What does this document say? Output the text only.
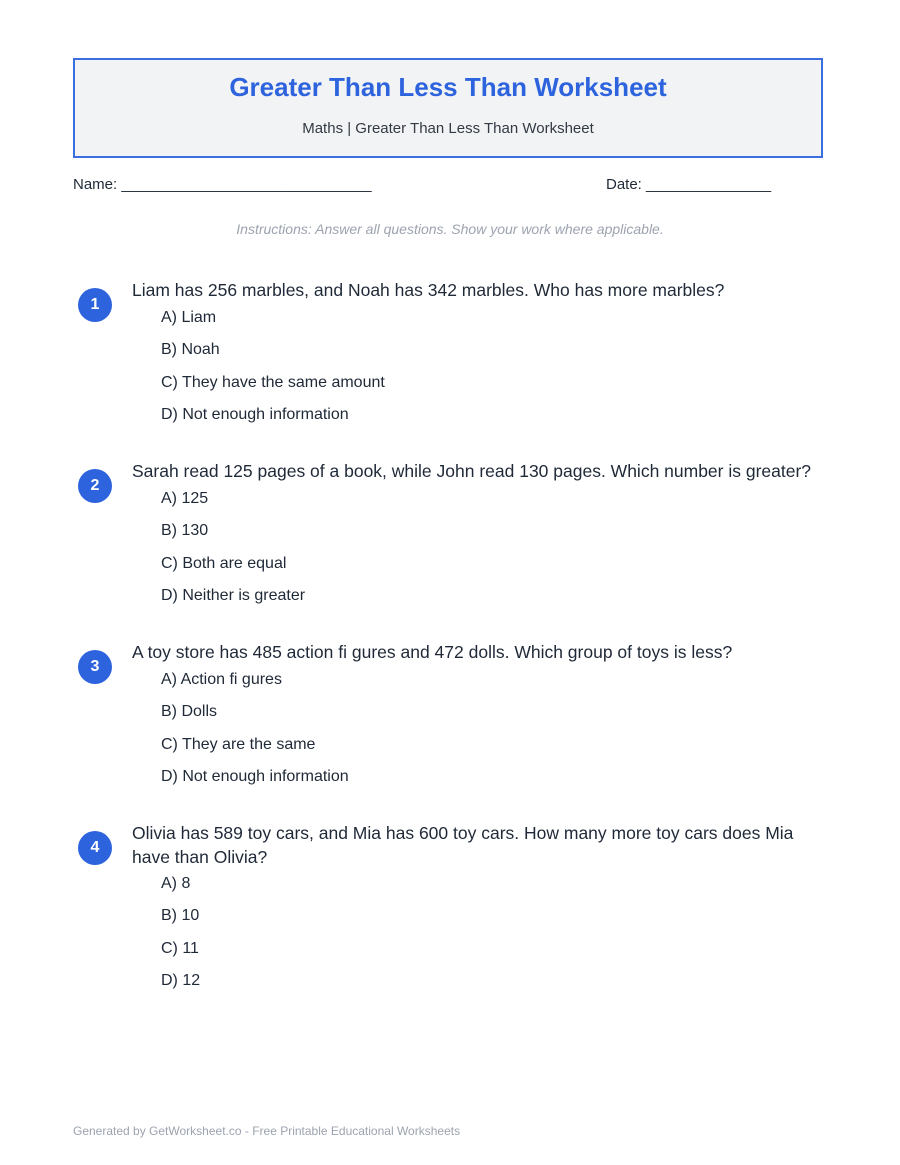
Greater Than Less Than Worksheet
Maths | Greater Than Less Than Worksheet
Name: ______________________________	Date: _______________
Instructions: Answer all questions. Show your work where applicable.
1
Liam has 256 marbles, and Noah has 342 marbles. Who has more marbles?
A) Liam
B) Noah
C) They have the same amount
D) Not enough information
2
Sarah read 125 pages of a book, while John read 130 pages. Which number is greater?
A) 125
B) 130
C) Both are equal
D) Neither is greater
3
A toy store has 485 action fi gures and 472 dolls. Which group of toys is less?
A) Action fi gures
B) Dolls
C) They are the same
D) Not enough information
4
Olivia has 589 toy cars, and Mia has 600 toy cars. How many more toy cars does Mia have than Olivia?
A) 8
B) 10
C) 11
D) 12
Generated by GetWorksheet.co - Free Printable Educational Worksheets
